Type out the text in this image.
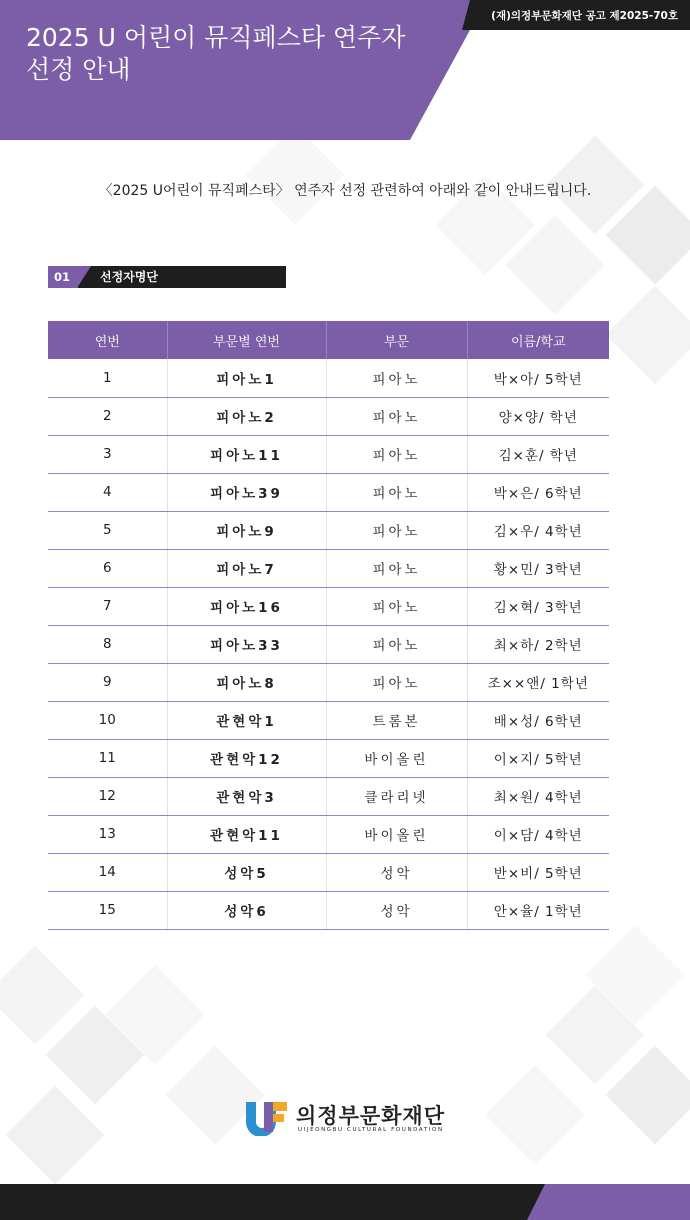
(재)의정부문화재단 공고 제2025-70호
2025 U 어린이 뮤직페스타 연주자
선정 안내

〈2025 U어린이 뮤직페스타〉 연주자 선정 관련하여 아래와 같이 안내드립니다.

01	선정자명단
연번	부문별 연번	부문	이름/학교
1	피아노1	피아노	박×아/ 5학년
2	피아노2	피아노	양×양/ 학년
3	피아노11	피아노	김×훈/ 학년
4	피아노39	피아노	박×은/ 6학년
5	피아노9	피아노	김×우/ 4학년
6	피아노7	피아노	황×민/ 3학년
7	피아노16	피아노	김×혁/ 3학년
8	피아노33	피아노	최×하/ 2학년
9	피아노8	피아노	조××앤/ 1학년
10	관현악1	트롬본	배×성/ 6학년
11	관현악12	바이올린	이×지/ 5학년
12	관현악3	클라리넷	최×원/ 4학년
13	관현악11	바이올린	이×담/ 4학년
14	성악5	성악	반×비/ 5학년
15	성악6	성악	안×율/ 1학년
의정부문화재단
UIJEONGBU CULTURAL FOUNDATION
